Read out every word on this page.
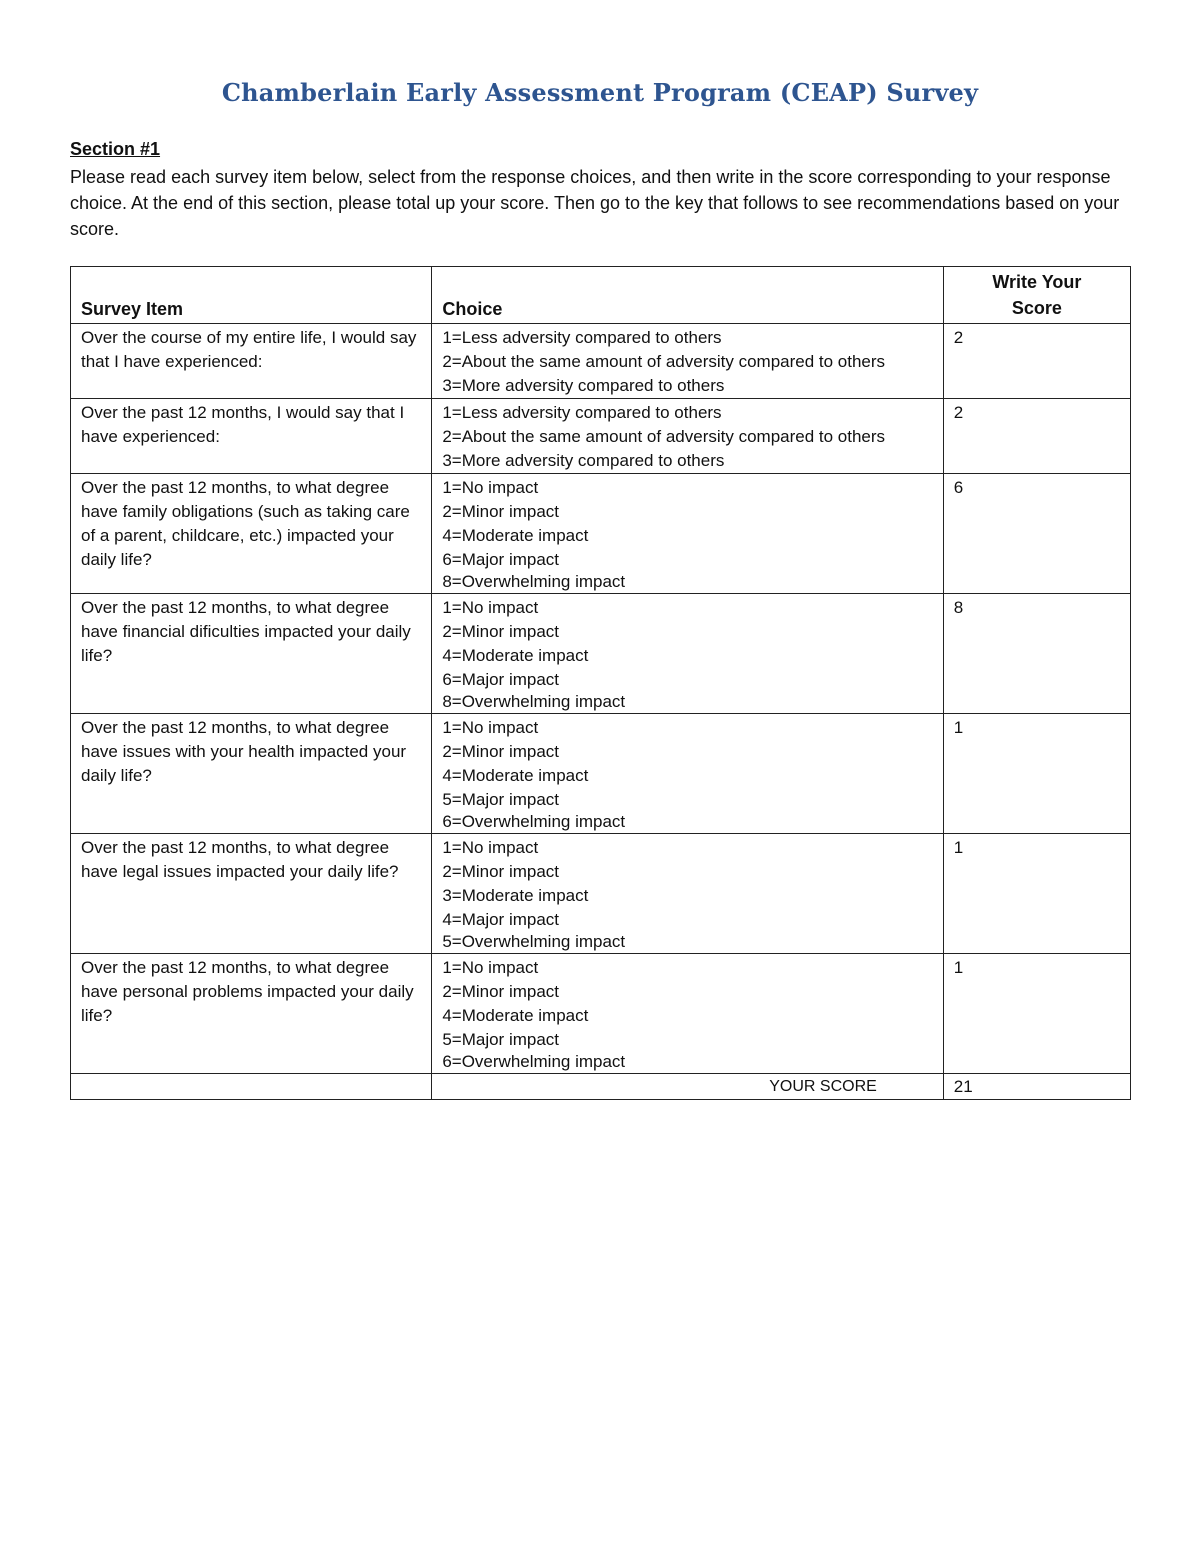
Chamberlain Early Assessment Program (CEAP) Survey
Section #1
Please read each survey item below, select from the response choices, and then write in the score corresponding to your response choice. At the end of this section, please total up your score. Then go to the key that follows to see recommendations based on your score.
Survey Item	Choice	Write Your
Score

Over the course of my entire life, I would say that I have experienced:	1=Less adversity compared to others
2=About the same amount of adversity compared to others
3=More adversity compared to others	2
Over the past 12 months, I would say that I have experienced:	1=Less adversity compared to others
2=About the same amount of adversity compared to others
3=More adversity compared to others	2
Over the past 12 months, to what degree have family obligations (such as taking care of a parent, childcare, etc.) impacted your daily life?	1=No impact
2=Minor impact
4=Moderate impact
6=Major impact
8=Overwhelming impact	6
Over the past 12 months, to what degree have financial dificulties impacted your daily life?	1=No impact
2=Minor impact
4=Moderate impact
6=Major impact
8=Overwhelming impact	8
Over the past 12 months, to what degree have issues with your health impacted your daily life?	1=No impact
2=Minor impact
4=Moderate impact
5=Major impact
6=Overwhelming impact	1
Over the past 12 months, to what degree have legal issues impacted your daily life?	1=No impact
2=Minor impact
3=Moderate impact
4=Major impact
5=Overwhelming impact	1
Over the past 12 months, to what degree have personal problems impacted your daily life?	1=No impact
2=Minor impact
4=Moderate impact
5=Major impact
6=Overwhelming impact	1
	YOUR SCORE	21
